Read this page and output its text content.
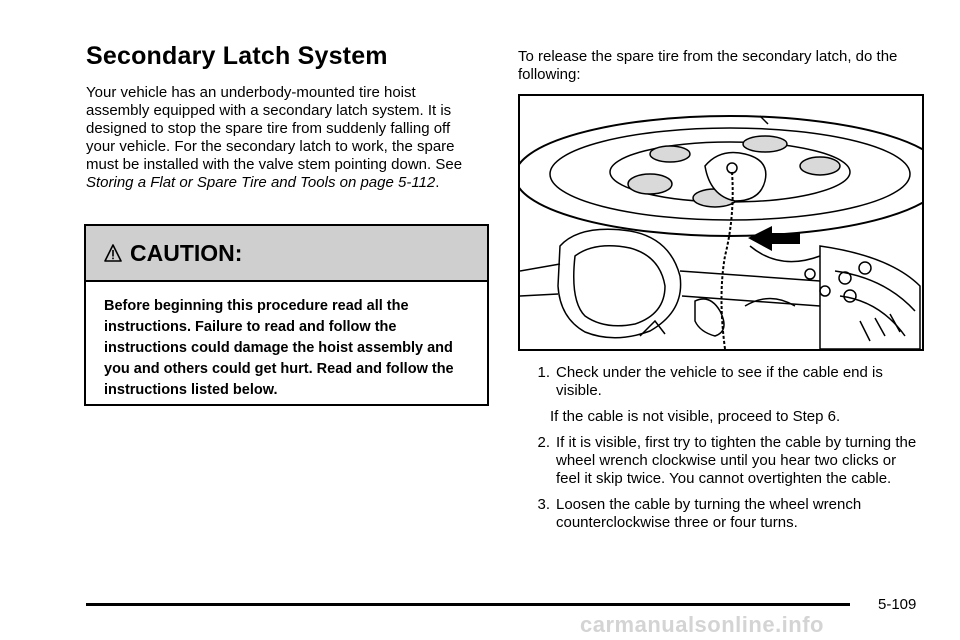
Secondary Latch System

Your vehicle has an underbody-mounted tire hoist assembly equipped with a secondary latch system. It is designed to stop the spare tire from suddenly falling off your vehicle. For the secondary latch to work, the spare must be installed with the valve stem pointing down. See Storing a Flat or Spare Tire and Tools on page 5-112.

CAUTION:

Before beginning this procedure read all the instructions. Failure to read and follow the instructions could damage the hoist assembly and you and others could get hurt. Read and follow the instructions listed below.

To release the spare tire from the secondary latch, do the following:

1. Check under the vehicle to see if the cable end is visible.
If the cable is not visible, proceed to Step 6.
2. If it is visible, first try to tighten the cable by turning the wheel wrench clockwise until you hear two clicks or feel it skip twice. You cannot overtighten the cable.
3. Loosen the cable by turning the wheel wrench counterclockwise three or four turns.
5-109
carmanualsonline.info
